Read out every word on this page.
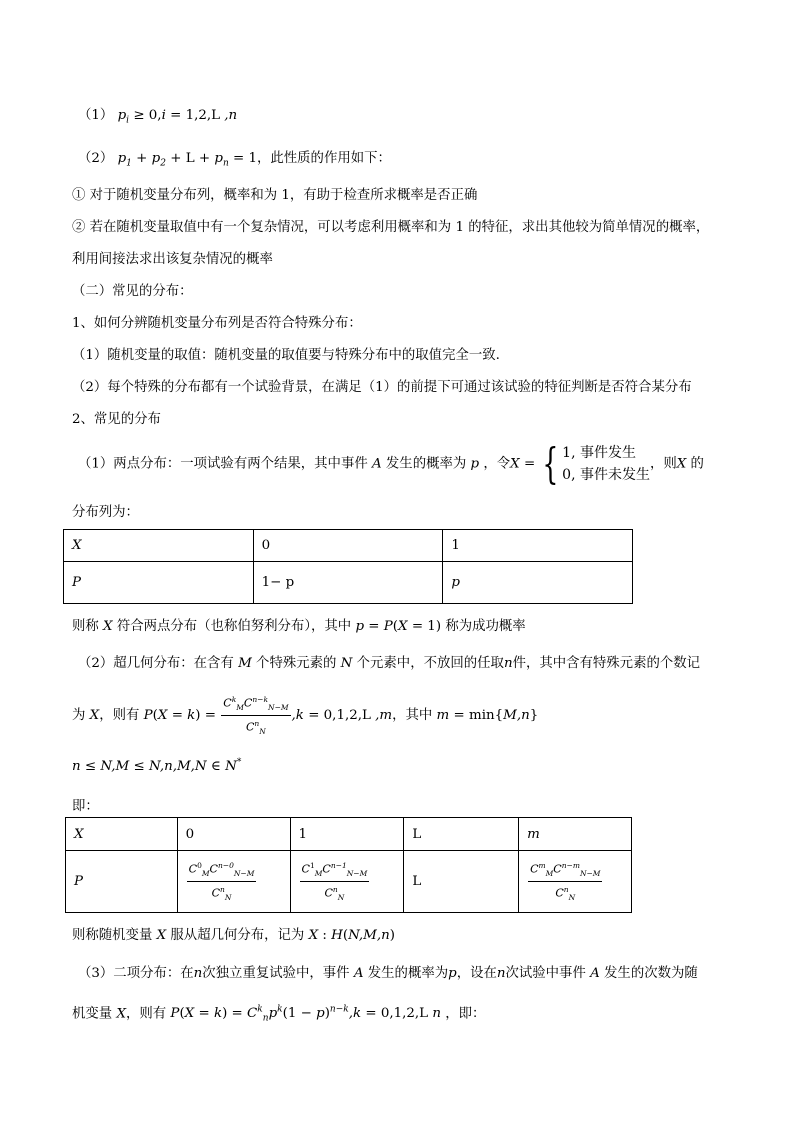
（1） $p_i \ge 0,i = 1,2,L$ ,n
（2） $p_1 + p_2 + L + p_n = 1$，此性质的作用如下：
① 对于随机变量分布列，概率和为 1，有助于检查所求概率是否正确
② 若在随机变量取值中有一个复杂情况，可以考虑利用概率和为 1 的特征，求出其他较为简单情况的概率，
利用间接法求出该复杂情况的概率
（二）常见的分布：
1、如何分辨随机变量分布列是否符合特殊分布：
（1）随机变量的取值：随机变量的取值要与特殊分布中的取值完全一致.
（2）每个特殊的分布都有一个试验背景，在满足（1）的前提下可通过该试验的特征判断是否符合某分布
2、常见的分布
（1）两点分布：一项试验有两个结果，其中事件 A 发生的概率为 p ，令X = { 1, 事件发生
0, 事件未发生
，则X 的
分布列为：
X	0	1
P	1− p	p
则称 X 符合两点分布（也称伯努利分布），其中 p = P(X = 1) 称为成功概率
（2）超几何分布：在含有 M 个特殊元素的 N 个元素中，不放回的任取n件，其中含有特殊元素的个数记
为 X，则有 $P(X = k) = \frac{C^k_MC^{n-k}_{N-M}}{C^n_N} ,k = 0,1,2,L$ ,m，其中 m = min{M,n}
n ≤ N,M ≤ N,n,M,N ∈ N*
即：
X	0	1	L	m
P	$\frac{C^0_MC^{n-0}_{N-M}}{C^n_N}$	$\frac{C^1_MC^{n-1}_{N-M}}{C^n_N}$	L	$\frac{C^m_MC^{n-m}_{N-M}}{C^n_N}$
则称随机变量 X 服从超几何分布，记为 X : H(N,M,n)
（3）二项分布：在n次独立重复试验中，事件 A 发生的概率为p，设在n次试验中事件 A 发生的次数为随
机变量 X，则有 $P(X = k) = C^k_np^k(1 - p)^{n-k},k = 0,1,2,L$ n ，即：
